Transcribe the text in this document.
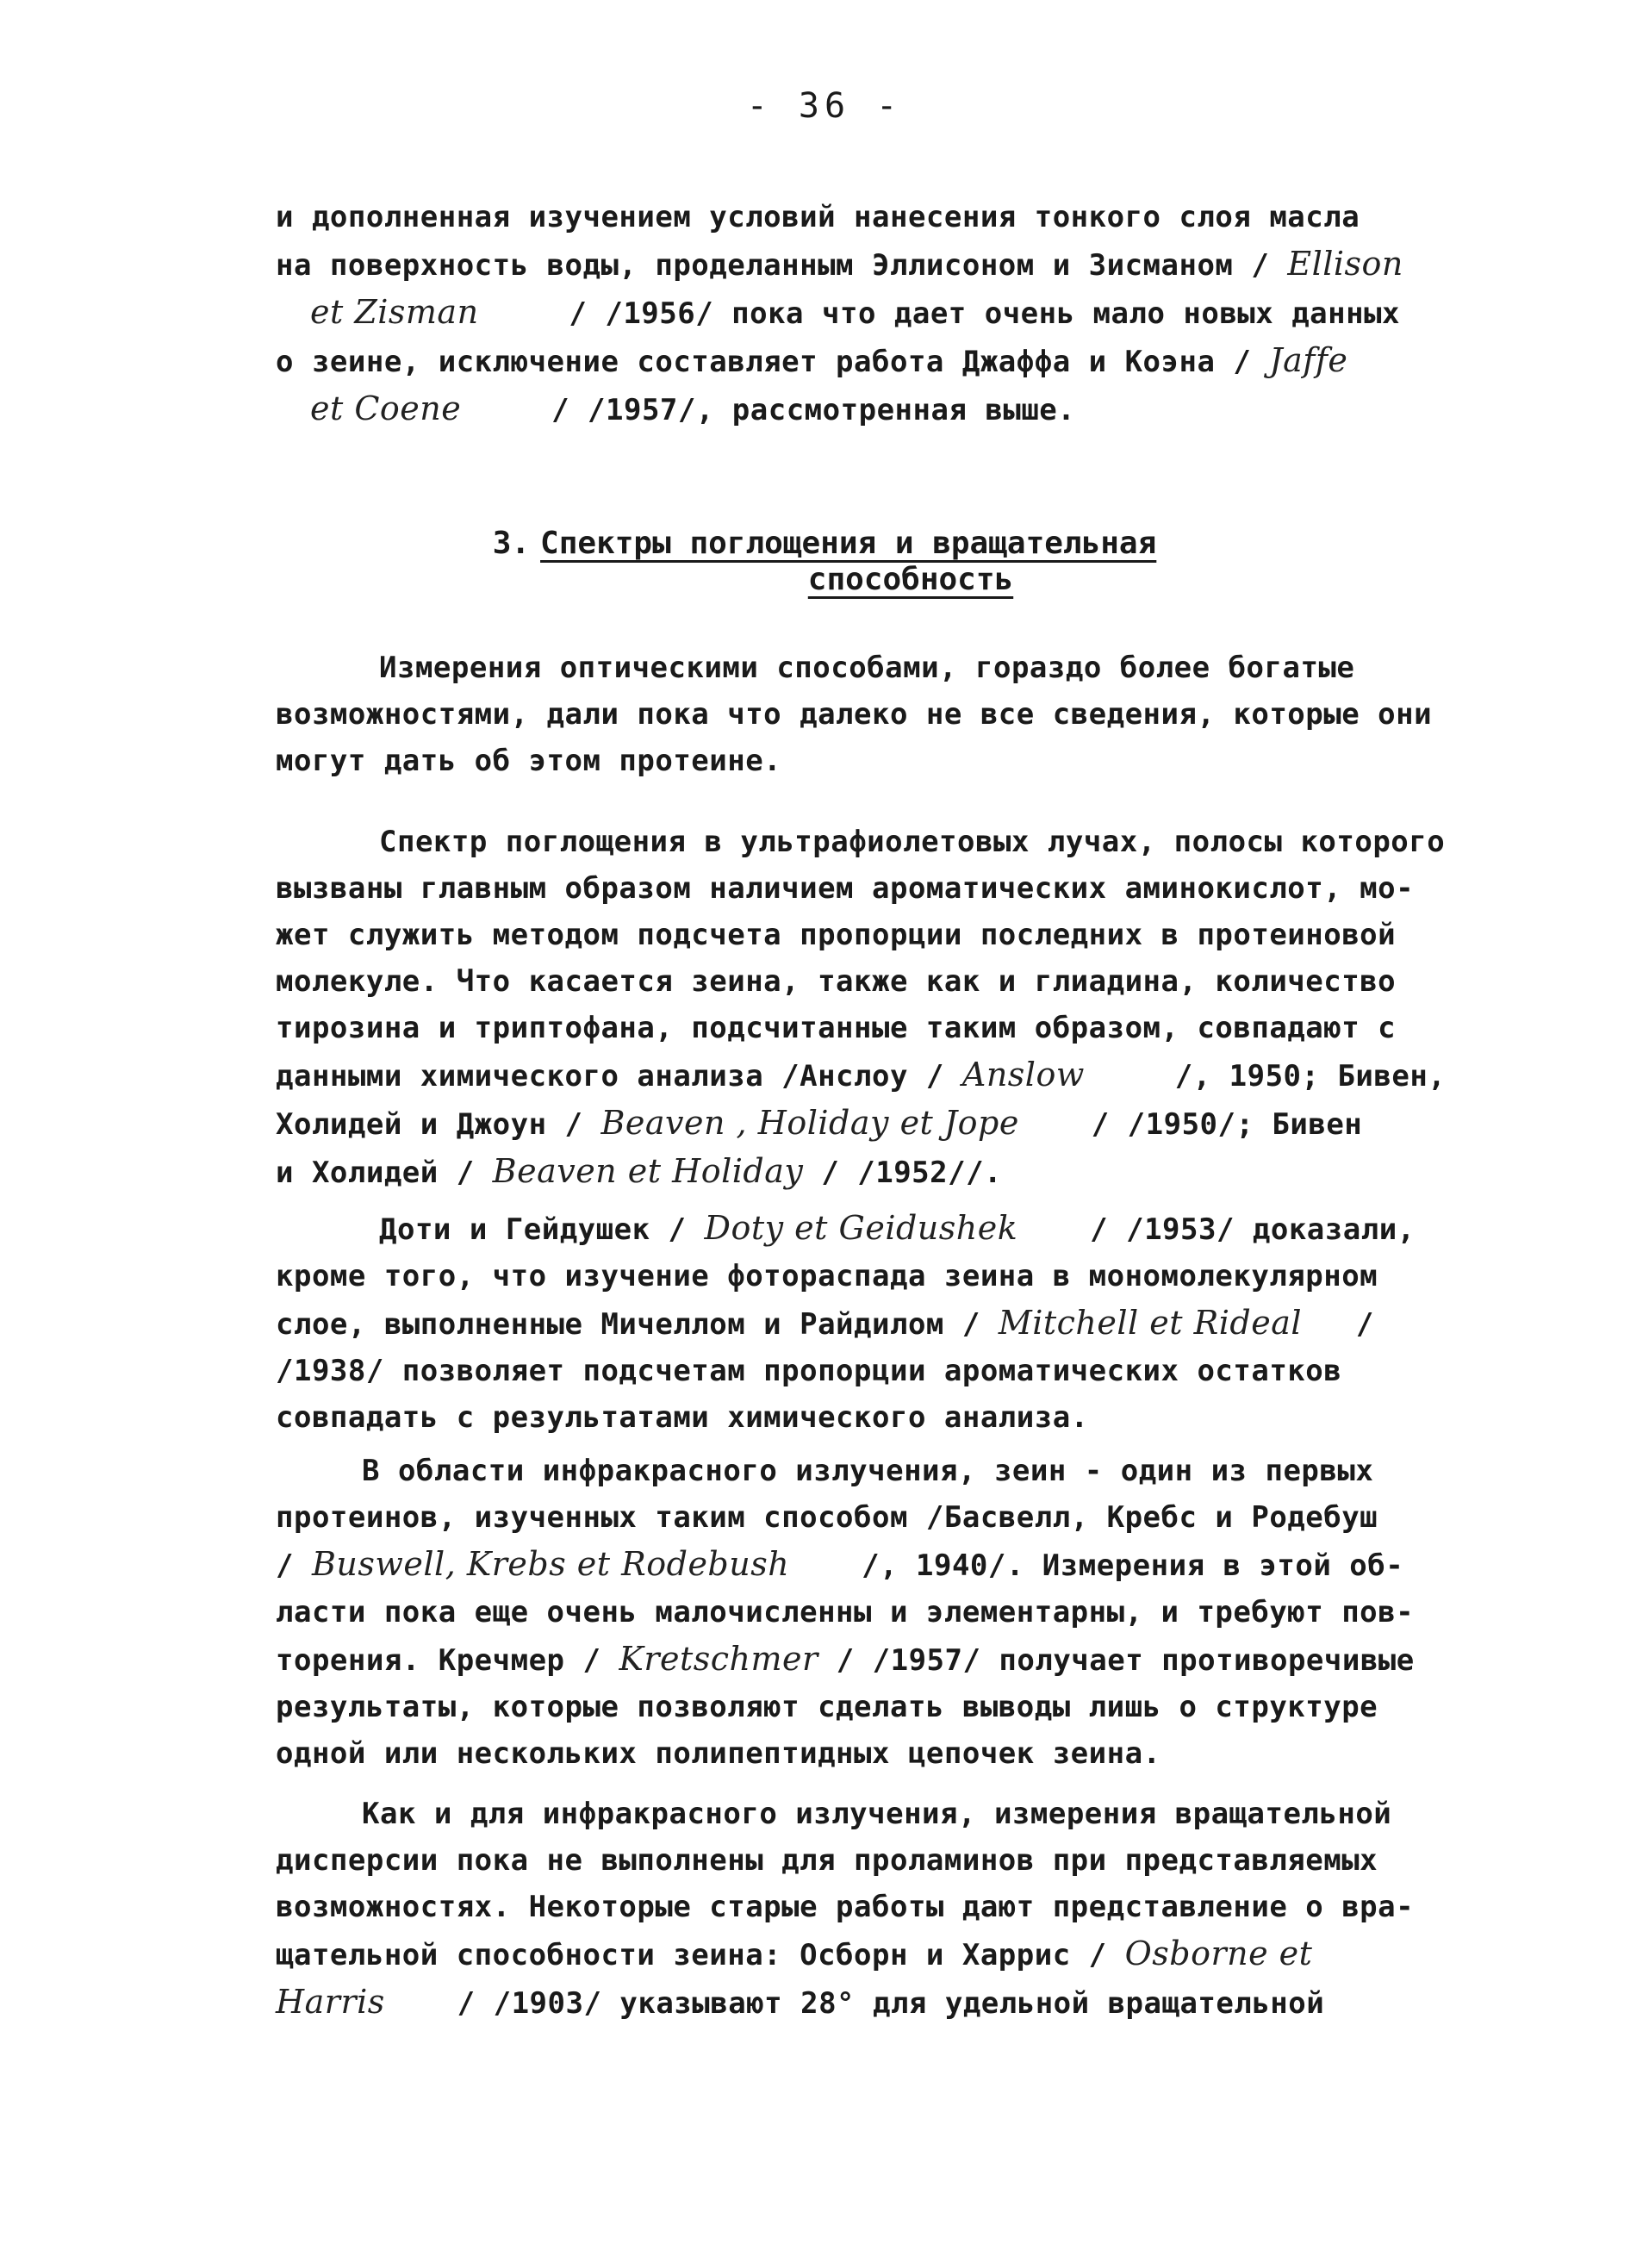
- 36 -
и дополненная изучением условий нанесения тонкого слоя масла
на поверхность воды, проделанным Эллисоном и Зисманом / Ellison
et Zisman	/ /1956/ пока что дает очень мало новых данных
о зеине, исключение составляет работа Джаффа и Коэна / Jaffe
et Coene	/ /1957/, рассмотренная выше.
3. Спектры поглощения и вращательная
способность
Измерения оптическими способами, гораздо более богатые
возможностями, дали пока что далеко не все сведения, которые они
могут дать об этом протеине.
Спектр поглощения в ультрафиолетовых лучах, полосы которого
вызваны главным образом наличием ароматических аминокислот, мо-
жет служить методом подсчета пропорции последних в протеиновой
молекуле. Что касается зеина, также как и глиадина, количество
тирозина и триптофана, подсчитанные таким образом, совпадают с
данными химического анализа /Анслоу / Anslow	/, 1950; Бивен,
Холидей и Джоун / Beaven , Holiday et Jope / /1950/; Бивен
и Холидей / Beaven et Holiday / /1952//.
Доти и Гейдушек / Doty et Geidushek / /1953/ доказали,
кроме того, что изучение фотораспада зеина в мономолекулярном
слое, выполненные Мичеллом и Райдилом / Mitchell et Rideal /
/1938/ позволяет подсчетам пропорции ароматических остатков
совпадать с результатами химического анализа.
В области инфракрасного излучения, зеин - один из первых
протеинов, изученных таким способом /Басвелл, Кребс и Родебуш
/ Buswell, Krebs et Rodebush /, 1940/. Измерения в этой об-
ласти пока еще очень малочисленны и элементарны, и требуют пов-
торения. Кречмер / Kretschmer / /1957/ получает противоречивые
результаты, которые позволяют сделать выводы лишь о структуре
одной или нескольких полипептидных цепочек зеина.
Как и для инфракрасного излучения, измерения вращательной
дисперсии пока не выполнены для проламинов при представляемых
возможностях. Некоторые старые работы дают представление о вра-
щательной способности зеина: Осборн и Харрис / Osborne et
Harris / /1903/ указывают 28° для удельной вращательной
